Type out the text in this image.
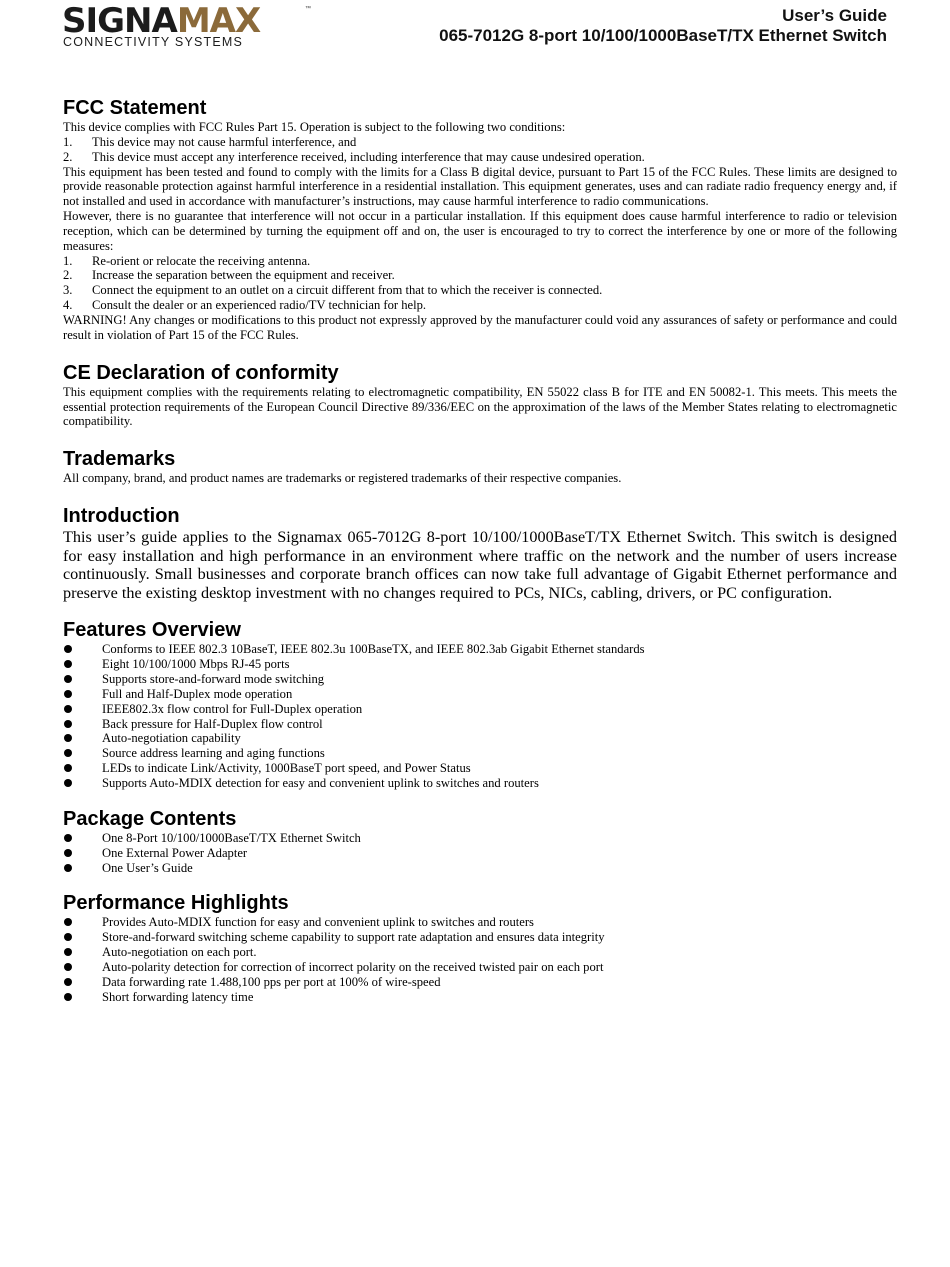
SIGNAMAX	™
CONNECTIVITY SYSTEMS
User’s Guide
065-7012G 8-port 10/100/1000BaseT/TX Ethernet Switch
FCC Statement

This device complies with FCC Rules Part 15. Operation is subject to the following two conditions:

1. This device may not cause harmful interference, and
2. This device must accept any interference received, including interference that may cause undesired operation.

This equipment has been tested and found to comply with the limits for a Class B digital device, pursuant to Part 15 of the FCC Rules. These limits are designed to provide reasonable protection against harmful interference in a residential installation. This equipment generates, uses and can radiate radio frequency energy and, if not installed and used in accordance with manufacturer’s instructions, may cause harmful interference to radio communications.

However, there is no guarantee that interference will not occur in a particular installation. If this equipment does cause harmful interference to radio or television reception, which can be determined by turning the equipment off and on, the user is encouraged to try to correct the interference by one or more of the following measures:

1. Re-orient or relocate the receiving antenna.
2. Increase the separation between the equipment and receiver.
3. Connect the equipment to an outlet on a circuit different from that to which the receiver is connected.
4. Consult the dealer or an experienced radio/TV technician for help.

WARNING! Any changes or modifications to this product not expressly approved by the manufacturer could void any assurances of safety or performance and could result in violation of Part 15 of the FCC Rules.

CE Declaration of conformity

This equipment complies with the requirements relating to electromagnetic compatibility, EN 55022 class B for ITE and EN 50082-1. This meets. This meets the essential protection requirements of the European Council Directive 89/336/EEC on the approximation of the laws of the Member States relating to electromagnetic compatibility.

Trademarks

All company, brand, and product names are trademarks or registered trademarks of their respective companies.

Introduction

This user’s guide applies to the Signamax 065-7012G 8-port 10/100/1000BaseT/TX Ethernet Switch. This switch is designed for easy installation and high performance in an environment where traffic on the network and the number of users increase continuously. Small businesses and corporate branch offices can now take full advantage of Gigabit Ethernet performance and preserve the existing desktop investment with no changes required to PCs, NICs, cabling, drivers, or PC configuration.

Features Overview
Conforms to IEEE 802.3 10BaseT, IEEE 802.3u 100BaseTX, and IEEE 802.3ab Gigabit Ethernet standards
Eight 10/100/1000 Mbps RJ-45 ports
Supports store-and-forward mode switching
Full and Half-Duplex mode operation
IEEE802.3x flow control for Full-Duplex operation
Back pressure for Half-Duplex flow control
Auto-negotiation capability
Source address learning and aging functions
LEDs to indicate Link/Activity, 1000BaseT port speed, and Power Status
Supports Auto-MDIX detection for easy and convenient uplink to switches and routers
Package Contents
One 8-Port 10/100/1000BaseT/TX Ethernet Switch
One External Power Adapter
One User’s Guide
Performance Highlights
Provides Auto-MDIX function for easy and convenient uplink to switches and routers
Store-and-forward switching scheme capability to support rate adaptation and ensures data integrity
Auto-negotiation on each port.
Auto-polarity detection for correction of incorrect polarity on the received twisted pair on each port
Data forwarding rate 1.488,100 pps per port at 100% of wire-speed
Short forwarding latency time
